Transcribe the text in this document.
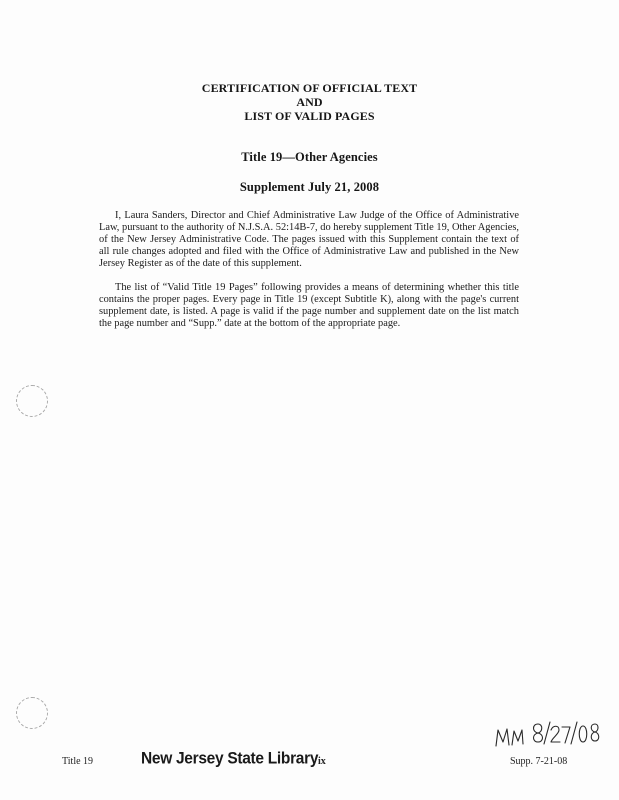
CERTIFICATION OF OFFICIAL TEXT
AND
LIST OF VALID PAGES
Title 19—Other Agencies
Supplement July 21, 2008
I, Laura Sanders, Director and Chief Administrative Law Judge of the Office of Administrative Law, pursuant to the authority of N.J.S.A. 52:14B-7, do hereby supplement Title 19, Other Agencies, of the New Jersey Administrative Code. The pages issued with this Supplement contain the text of all rule changes adopted and filed with the Office of Administrative Law and published in the New Jersey Register as of the date of this supplement.
The list of “Valid Title 19 Pages” following provides a means of determining whether this title contains the proper pages. Every page in Title 19 (except Subtitle K), along with the page's current supplement date, is listed. A page is valid if the page number and supplement date on the list match the page number and “Supp.” date at the bottom of the appropriate page.
Title 19	New Jersey State Library ix	Supp. 7-21-08
